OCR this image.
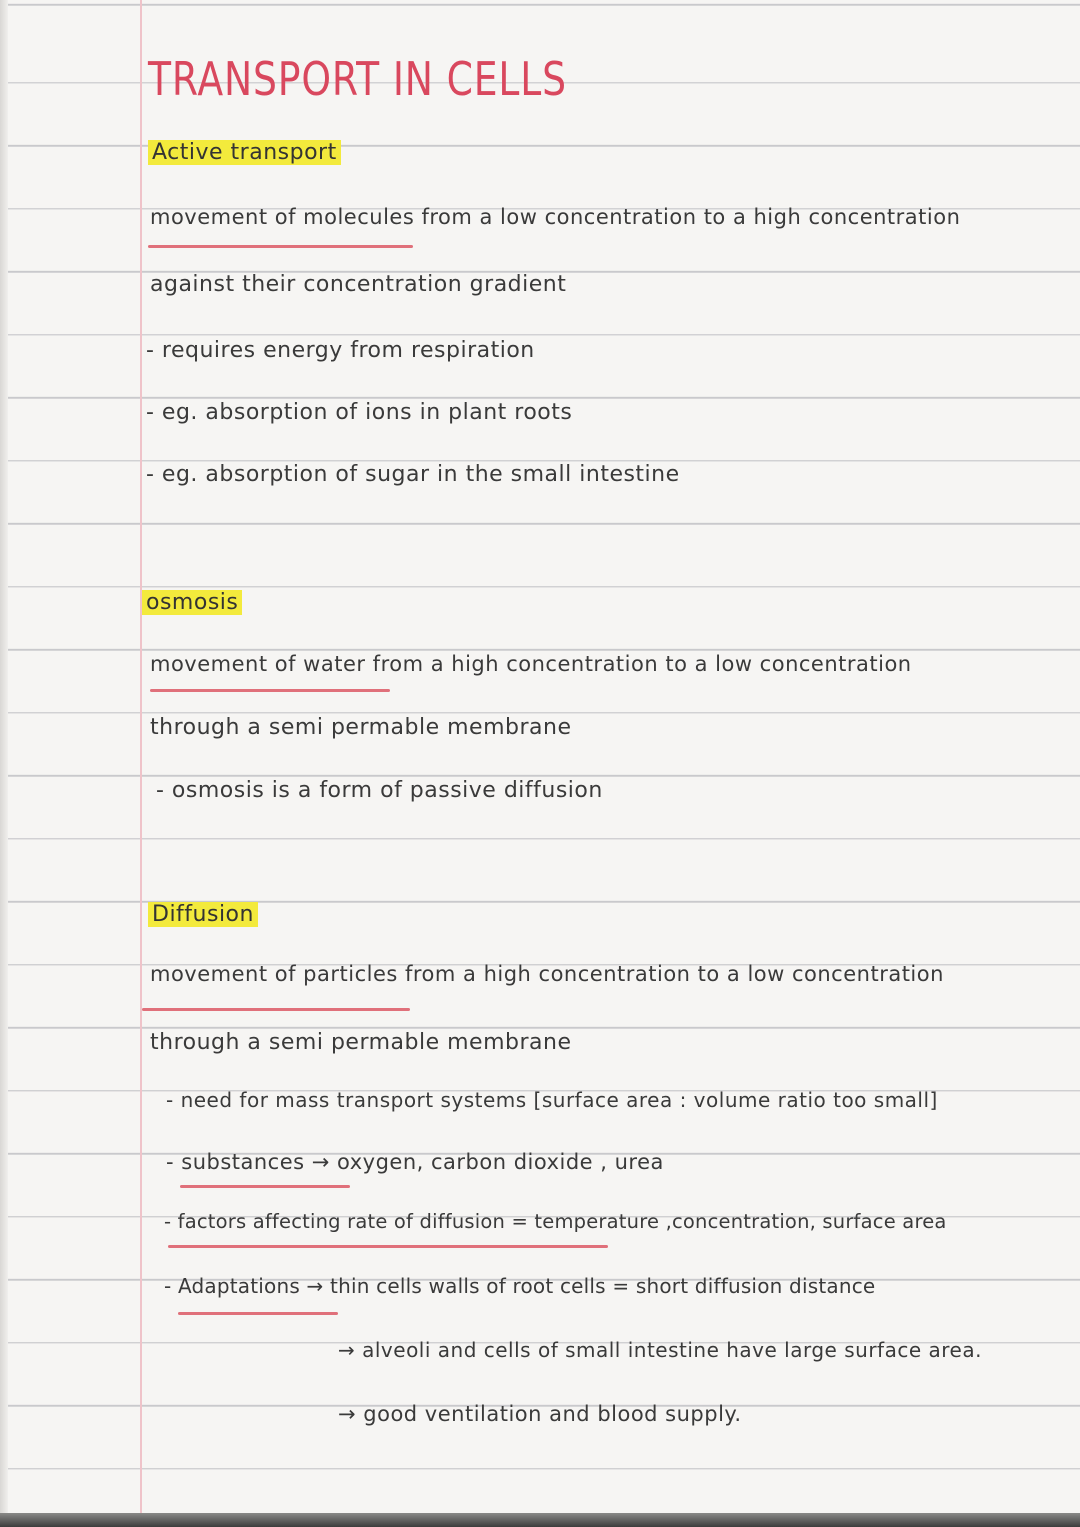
TRANSPORT IN CELLS
Active transport
movement of molecules from a low concentration to a high concentration
against their concentration gradient
- requires energy from respiration
- eg. absorption of ions in plant roots
- eg. absorption of sugar in the small intestine
osmosis
movement of water from a high concentration to a low concentration
through a semi permable membrane
- osmosis is a form of passive diffusion
Diffusion
movement of particles from a high concentration to a low concentration
through a semi permable membrane
- need for mass transport systems [surface area : volume ratio too small]
- substances → oxygen, carbon dioxide , urea
- factors affecting rate of diffusion = temperature ,concentration, surface area
- Adaptations → thin cells walls of root cells = short diffusion distance
→ alveoli and cells of small intestine have large surface area.
→ good ventilation and blood supply.
